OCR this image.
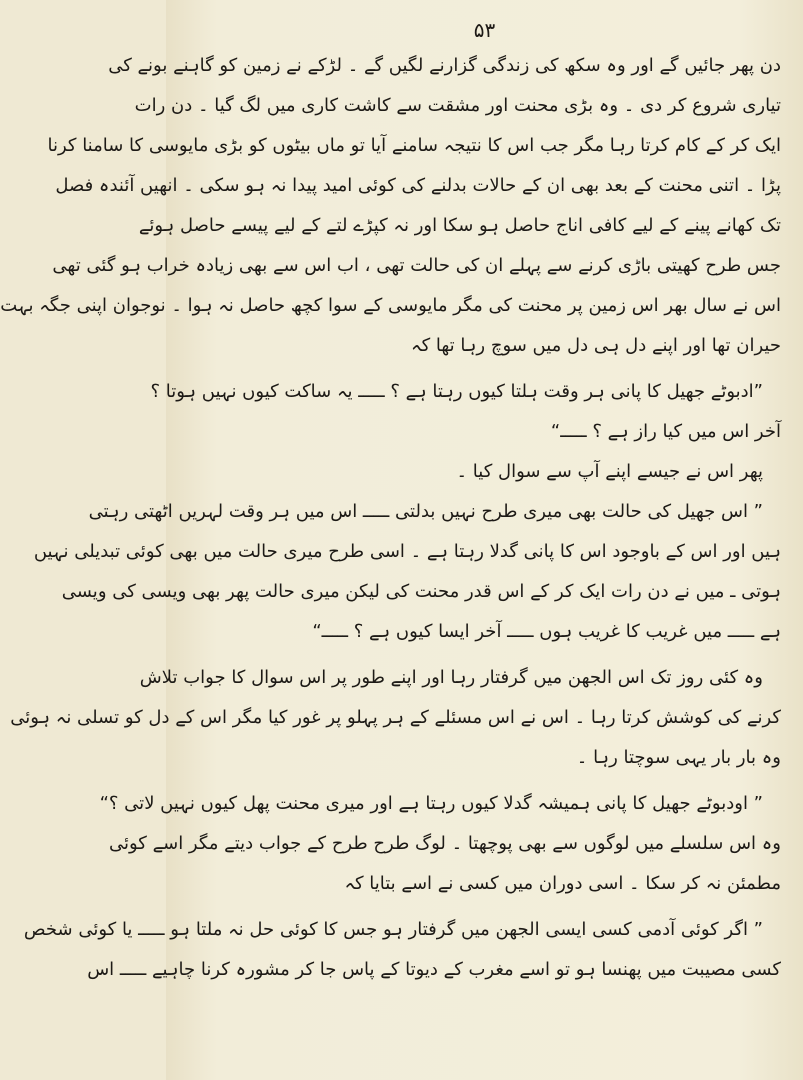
۵۳
دن پھر جائیں گے اور وہ سکھ کی زندگی گزارنے لگیں گے ۔ لڑکے نے زمین کو گاہنے بونے کی
تیاری شروع کر دی ۔ وہ بڑی محنت اور مشقت سے کاشت کاری میں لگ گیا ۔ دن رات
ایک کر کے کام کرتا رہا مگر جب اس کا نتیجہ سامنے آیا تو ماں بیٹوں کو بڑی مایوسی کا سامنا کرنا
پڑا ۔ اتنی محنت کے بعد بھی ان کے حالات بدلنے کی کوئی امید پیدا نہ ہو سکی ۔ انھیں آئندہ فصل
تک کھانے پینے کے لیے کافی اناج حاصل ہو سکا اور نہ کپڑے لتے کے لیے پیسے حاصل ہوئے
جس طرح کھیتی باڑی کرنے سے پہلے ان کی حالت تھی ، اب اس سے بھی زیادہ خراب ہو گئی تھی
اس نے سال بھر اس زمین پر محنت کی مگر مایوسی کے سوا کچھ حاصل نہ ہوا ۔ نوجوان اپنی جگہ بہت
حیران تھا اور اپنے دل ہی دل میں سوچ رہا تھا کہ
”ادبوٹے جھیل کا پانی ہر وقت ہلتا کیوں رہتا ہے ؟ ـــــ یہ ساکت کیوں نہیں ہوتا ؟
آخر اس میں کیا راز ہے ؟ ـــــ“
پھر اس نے جیسے اپنے آپ سے سوال کیا ۔
” اس جھیل کی حالت بھی میری طرح نہیں بدلتی ـــــ اس میں ہر وقت لہریں اٹھتی رہتی
ہیں اور اس کے باوجود اس کا پانی گدلا رہتا ہے ۔ اسی طرح میری حالت میں بھی کوئی تبدیلی نہیں
ہوتی ـ میں نے دن رات ایک کر کے اس قدر محنت کی لیکن میری حالت پھر بھی ویسی کی ویسی
ہے ـــــ میں غریب کا غریب ہوں ـــــ آخر ایسا کیوں ہے ؟ ـــــ“
وہ کئی روز تک اس الجھن میں گرفتار رہا اور اپنے طور پر اس سوال کا جواب تلاش
کرنے کی کوشش کرتا رہا ۔ اس نے اس مسئلے کے ہر پہلو پر غور کیا مگر اس کے دل کو تسلی نہ ہوئی
وہ بار بار یہی سوچتا رہا ۔
” اودبوٹے جھیل کا پانی ہمیشہ گدلا کیوں رہتا ہے اور میری محنت پھل کیوں نہیں لاتی ؟“
وہ اس سلسلے میں لوگوں سے بھی پوچھتا ۔ لوگ طرح طرح کے جواب دیتے مگر اسے کوئی
مطمئن نہ کر سکا ۔ اسی دوران میں کسی نے اسے بتایا کہ
” اگر کوئی آدمی کسی ایسی الجھن میں گرفتار ہو جس کا کوئی حل نہ ملتا ہو ـــــ یا کوئی شخص
کسی مصیبت میں پھنسا ہو تو اسے مغرب کے دیوتا کے پاس جا کر مشورہ کرنا چاہیے ـــــ اس
